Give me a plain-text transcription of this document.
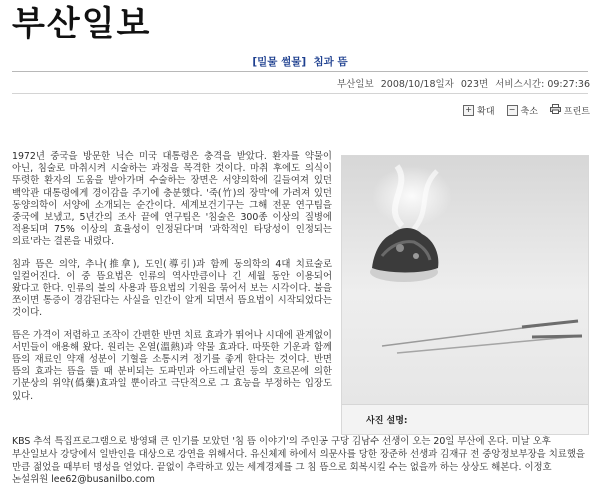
부산일보
[밀물 썰물] 침과 뜸
부산일보 2008/10/18일자 023면 서비스시간: 09:27:36
+ 확대 − 축소	프린트

1972년 중국을 방문한 닉슨 미국 대통령은 충격을 받았다. 환자를 약물이 아닌, 침술로 마취시켜 시술하는 과정을 목격한 것이다. 마취 후에도 의식이 뚜렷한 환자의 도움을 받아가며 수술하는 장면은 서양의학에 길들여져 있던 백악관 대통령에게 경이감을 주기에 충분했다. '죽(竹)의 장막'에 가려져 있던 동양의학이 서양에 소개되는 순간이다. 세계보건기구는 그해 전문 연구팀을 중국에 보냈고, 5년간의 조사 끝에 연구팀은 '침술은 300종 이상의 질병에 적용되며 75% 이상의 효율성이 인정된다'며 '과학적인 타당성이 인정되는 의료'라는 결론을 내렸다.

침과 뜸은 의약, 추나(推拿), 도인(導引)과 함께 동의학의 4대 치료술로 일컬어진다. 이 중 뜸요법은 인류의 역사만큼이나 긴 세월 동안 이용되어 왔다고 한다. 인류의 불의 사용과 뜸요법의 기원을 묶어서 보는 시각이다. 불을 쪼이면 통증이 경감된다는 사실을 인간이 알게 되면서 뜸요법이 시작되었다는 것이다.

뜸은 가격이 저렴하고 조작이 간편한 반면 치료 효과가 뛰어나 시대에 관계없이 서민들이 애용해 왔다. 원리는 온열(溫熱)과 약물 효과다. 따뜻한 기운과 함께 뜸의 재료인 약재 성분이 기혈을 소통시켜 정기를 좋게 한다는 것이다. 반면 뜸의 효과는 뜸을 뜰 때 분비되는 도파민과 아드레날린 등의 호르몬에 의한 기분상의 위약(僞藥)효과일 뿐이라고 극단적으로 그 효능을 부정하는 입장도 있다.

사진 설명:
KBS 추석 특집프로그램으로 방영돼 큰 인기를 모았던 '침 뜸 이야기'의 주인공 구당 김남수 선생이 오는 20일 부산에 온다. 미날 오후 부산일보사 강당에서 일반인을 대상으로 강연을 위해서다. 유신체제 하에서 의문사를 당한 장준하 선생과 김재규 전 중앙정보부장을 치료했을 만큼 젊었을 때부터 명성을 얻었다. 끝없이 추락하고 있는 세계경제를 그 침 뜸으로 회복시킬 수는 없을까 하는 상상도 해본다. 이정호 논설위원 lee62@busanilbo.com
